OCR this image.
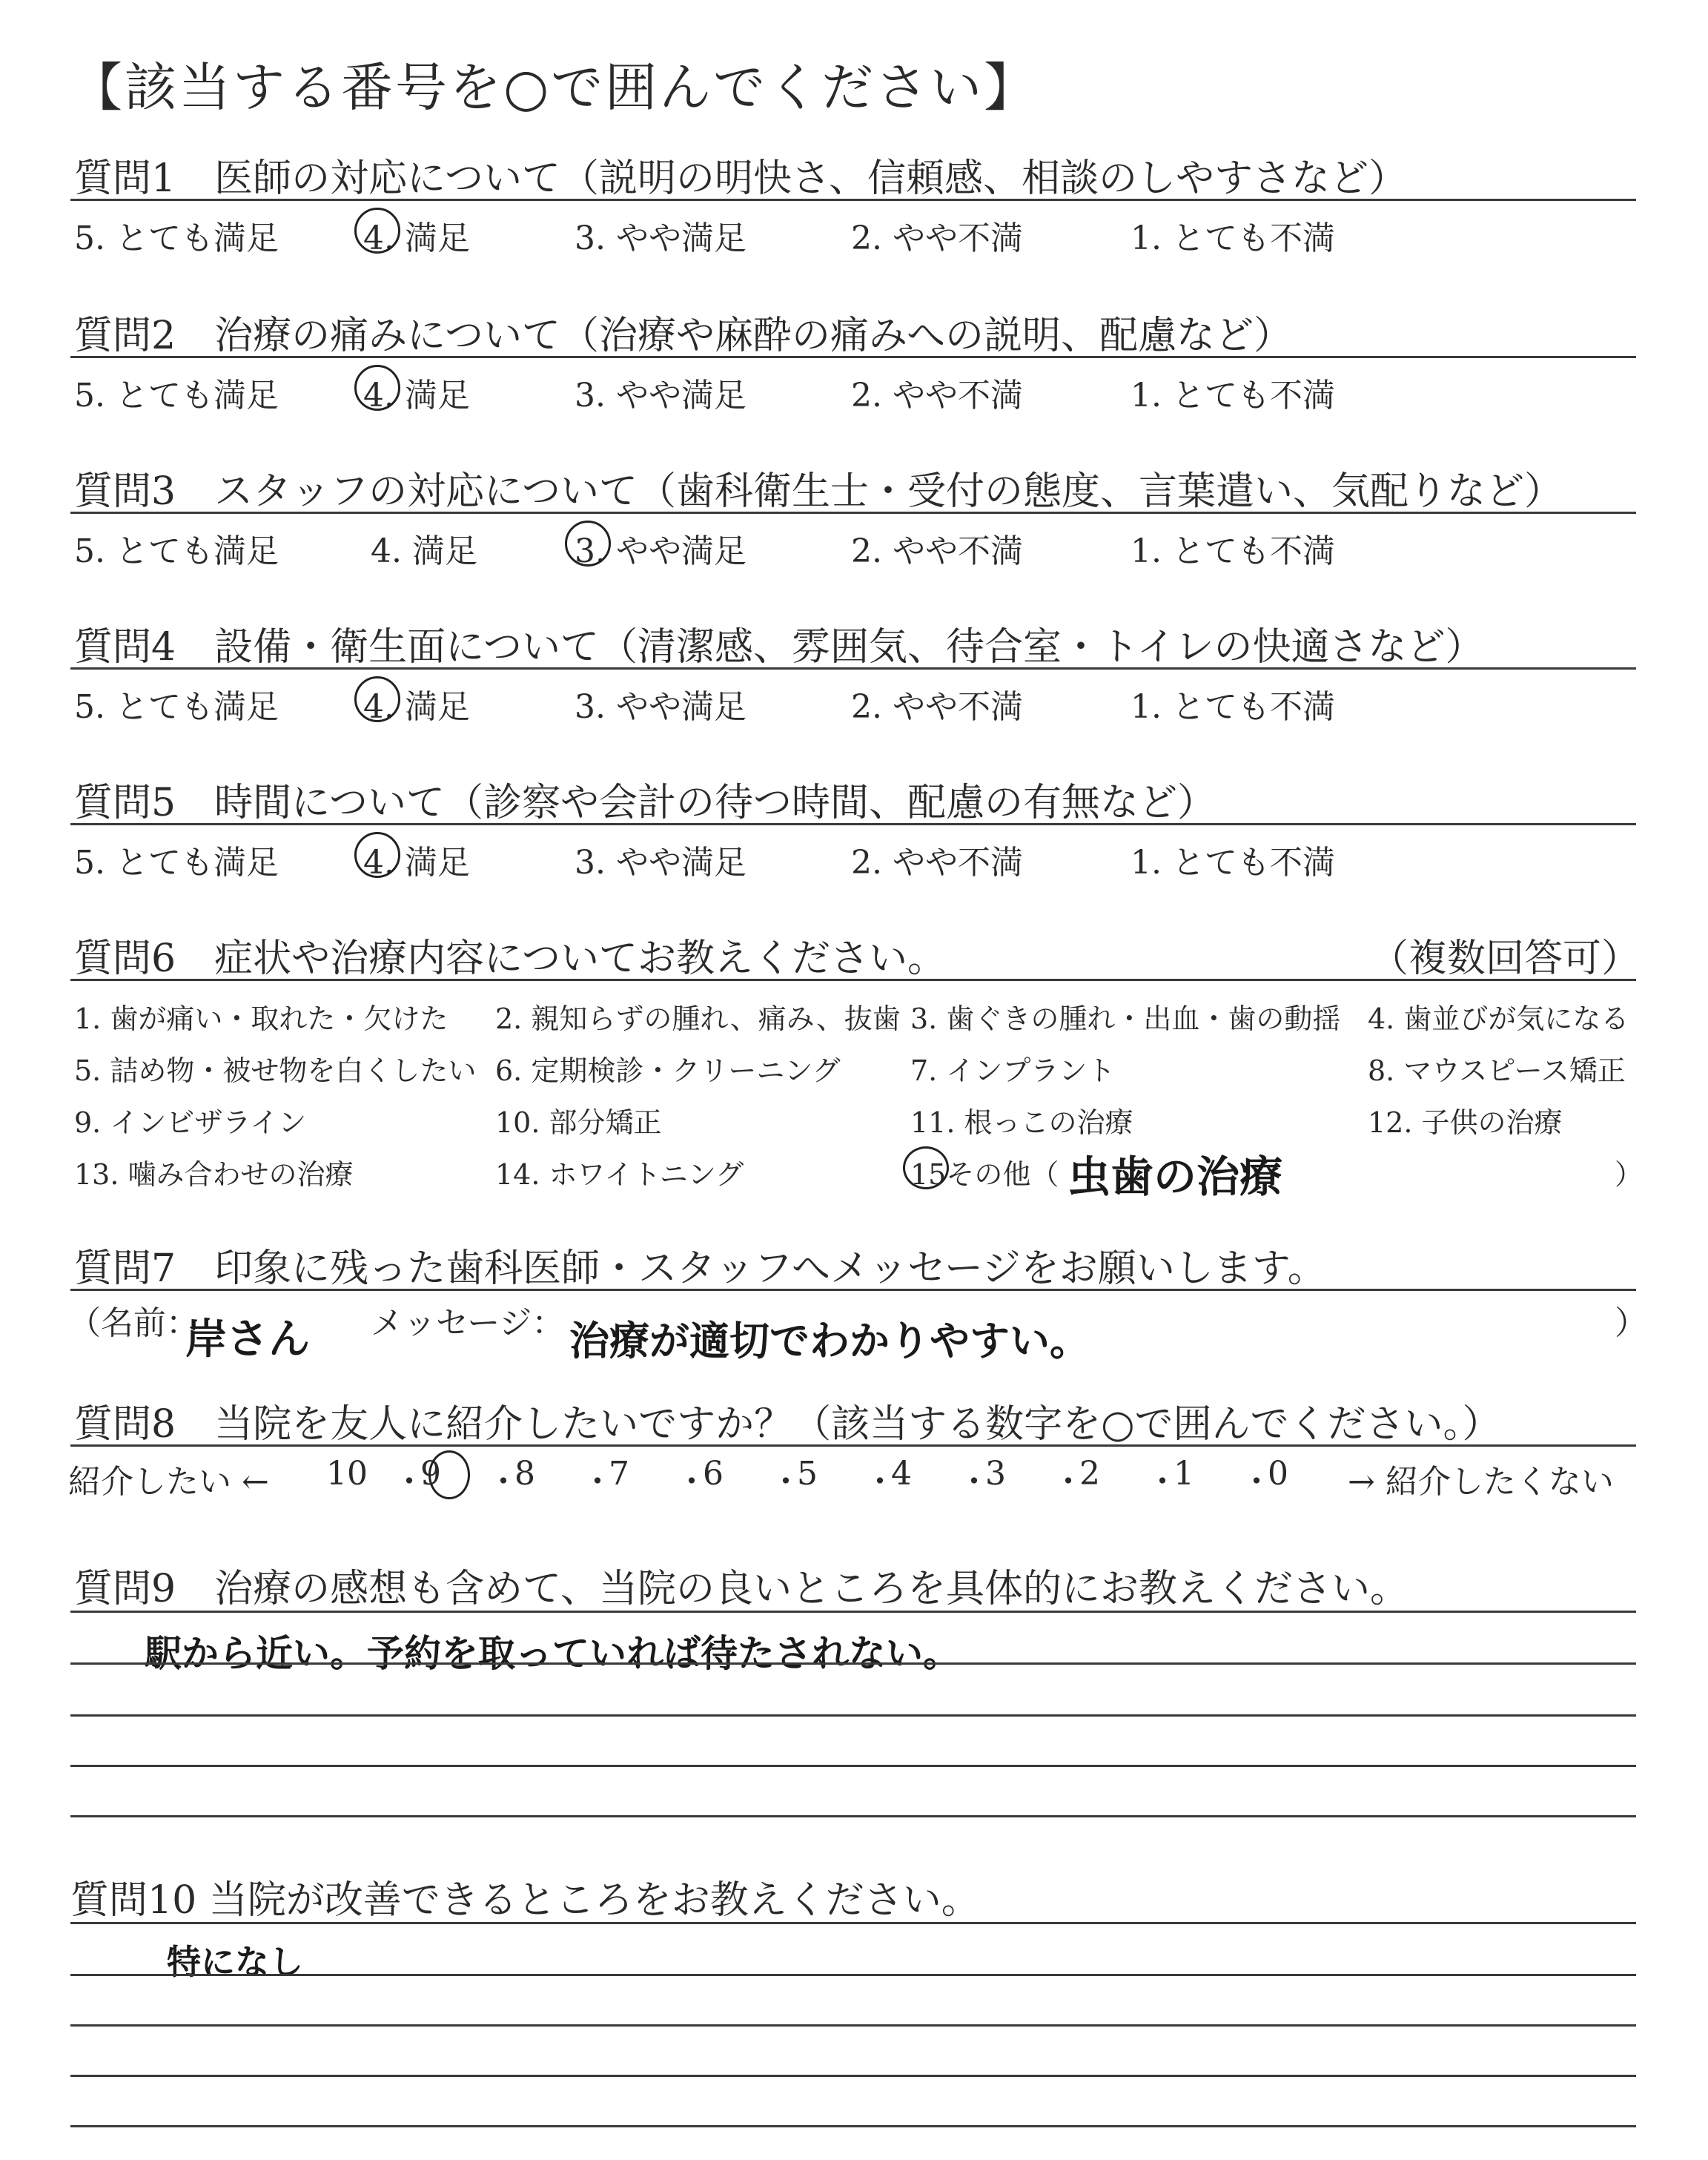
【該当する番号を○で囲んでください】
質問1　医師の対応について（説明の明快さ、信頼感、相談のしやすさなど）
5. とても満足	4. 満足	3. やや満足	2. やや不満	1. とても不満
質問2　治療の痛みについて（治療や麻酔の痛みへの説明、配慮など）
5. とても満足	4. 満足	3. やや満足	2. やや不満	1. とても不満
質問3　スタッフの対応について（歯科衛生士・受付の態度、言葉遣い、気配りなど）
5. とても満足	4. 満足	3. やや満足	2. やや不満	1. とても不満
質問4　設備・衛生面について（清潔感、雰囲気、待合室・トイレの快適さなど）
5. とても満足	4. 満足	3. やや満足	2. やや不満	1. とても不満
質問5　時間について（診察や会計の待つ時間、配慮の有無など）
5. とても満足	4. 満足	3. やや満足	2. やや不満	1. とても不満
質問6　症状や治療内容についてお教えください。	（複数回答可）
1. 歯が痛い・取れた・欠けた 2. 親知らずの腫れ、痛み、抜歯 3. 歯ぐきの腫れ・出血・歯の動揺 4. 歯並びが気になる
5. 詰め物・被せ物を白くしたい 6. 定期検診・クリーニング 7. インプラント	8. マウスピース矯正
9. インビザライン	10. 部分矯正	11. 根っこの治療	12. 子供の治療
13. 噛み合わせの治療	14. ホワイトニング	15その他（ 虫歯の治療	）
質問7　印象に残った歯科医師・スタッフへメッセージをお願いします。
（名前：
岸さん メッセージ： 治療が適切でわかりやすい。	）
質問8　当院を友人に紹介したいですか？（該当する数字を○で囲んでください。）
紹介したい ←	→ 紹介したくない
10 ・
9 ・
8 ・
7 ・
6 ・
5 ・
4 ・
3 ・
2 ・
1 ・
0
質問9　治療の感想も含めて、当院の良いところを具体的にお教えください。
駅から近い。予約を取っていれば待たされない。
質問10 当院が改善できるところをお教えください。
特になし
